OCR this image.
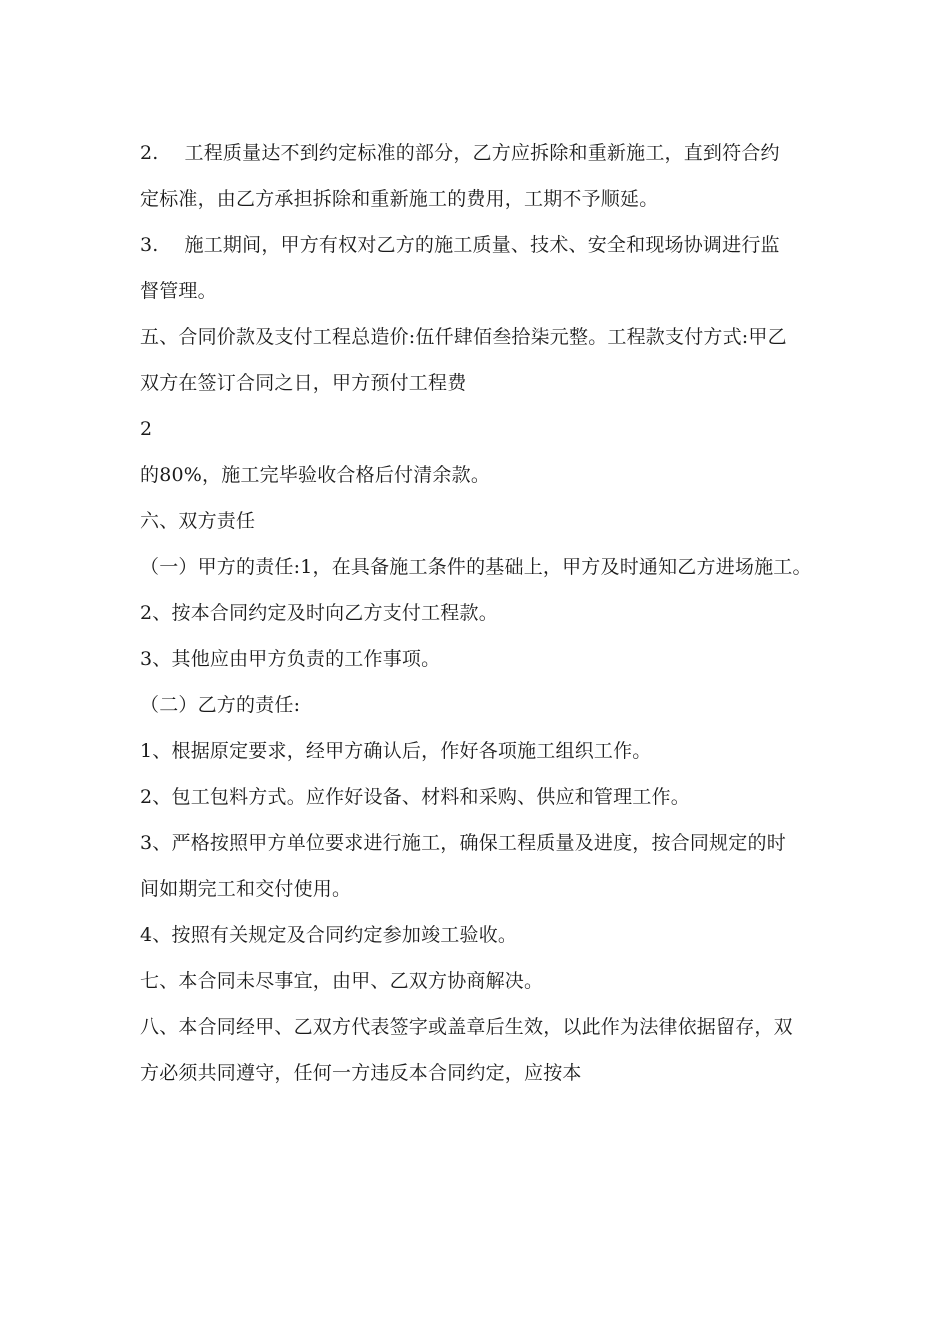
2. 工程质量达不到约定标准的部分，乙方应拆除和重新施工，直到符合约
定标准，由乙方承担拆除和重新施工的费用，工期不予顺延。
3. 施工期间，甲方有权对乙方的施工质量、技术、安全和现场协调进行监
督管理。
五、合同价款及支付工程总造价:伍仟肆佰叁拾柒元整。工程款支付方式:甲乙
双方在签订合同之日，甲方预付工程费
2
的80%，施工完毕验收合格后付清余款。
六、双方责任
（一）甲方的责任:1，在具备施工条件的基础上，甲方及时通知乙方进场施工。
2、按本合同约定及时向乙方支付工程款。
3、其他应由甲方负责的工作事项。
（二）乙方的责任:
1、根据原定要求，经甲方确认后，作好各项施工组织工作。
2、包工包料方式。应作好设备、材料和采购、供应和管理工作。
3、严格按照甲方单位要求进行施工，确保工程质量及进度，按合同规定的时
间如期完工和交付使用。
4、按照有关规定及合同约定参加竣工验收。
七、本合同未尽事宜，由甲、乙双方协商解决。
八、本合同经甲、乙双方代表签字或盖章后生效，以此作为法律依据留存，双
方必须共同遵守，任何一方违反本合同约定，应按本
